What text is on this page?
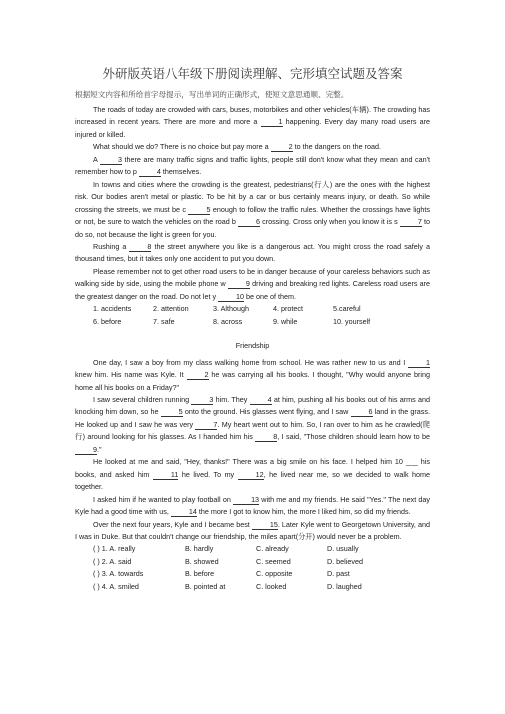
外研版英语八年级下册阅读理解、完形填空试题及答案
根据短文内容和所给首字母提示，写出单词的正确形式，使短文意思通顺、完整。

The roads of today are crowded with cars, buses, motorbikes and other vehicles(车辆). The crowding has increased in recent years. There are more and more a	1 happening. Every day many road users are injured or killed.

What should we do? There is no choice but pay more a	2 to the dangers on the road.

A	3 there are many traffic signs and traffic lights, people still don't know what they mean and can't remember how to p	4 themselves.

In towns and cities where the crowding is the greatest, pedestrians(行人) are the ones with the highest risk. Our bodies aren't metal or plastic. To be hit by a car or bus certainly means injury, or death. So while crossing the streets, we must be c	5 enough to follow the traffic rules. Whether the crossings have lights or not, be sure to watch the vehicles on the road b	6 crossing. Cross only when you know it is s	7 to do so, not because the light is green for you.

Rushing a	8 the street anywhere you like is a dangerous act. You might cross the road safely a thousand times, but it takes only one accident to put you down.

Please remember not to get other road users to be in danger because of your careless behaviors such as walking side by side, using the mobile phone w	9 driving and breaking red lights. Careless road users are the greatest danger on the road. Do not let y	10 be one of them.

1. accidents	2. attention	3. Although	4. protect	5.careful
6. before	7. safe	8. across	9. while	10. yourself

Friendship

One day, I saw a boy from my class walking home from school. He was rather new to us and I	1 knew him. His name was Kyle. It	2 he was carrying all his books. I thought, "Why would anyone bring home all his books on a Friday?"

I saw several children running	3 him. They	4 at him, pushing all his books out of his arms and knocking him down, so he	5 onto the ground. His glasses went flying, and I saw	6 land in the grass. He looked up and I saw he was very	7. My heart went out to him. So, I ran over to him as he crawled(爬行) around looking for his glasses. As I handed him his	8, I said, "Those children should learn how to be 9."

He looked at me and said, "Hey, thanks!" There was a big smile on his face. I helped him 10 ___ his books, and asked him	11 he lived. To my	12, he lived near me, so we decided to walk home together.

I asked him if he wanted to play football on	13 with me and my friends. He said "Yes." The next day Kyle had a good time with us,	14 the more I got to know him, the more I liked him, so did my friends.

Over the next four years, Kyle and I became best	15. Later Kyle went to Georgetown University, and I was in Duke. But that couldn't change our friendship, the miles apart(分开) would never be a problem.

( ) 1. A. really	B. hardly	C. already	D. usually
( ) 2. A. said	B. showed	C. seemed	D. believed
( ) 3. A. towards	B. before	C. opposite	D. past
( ) 4. A. smiled	B. pointed at	C. looked	D. laughed
